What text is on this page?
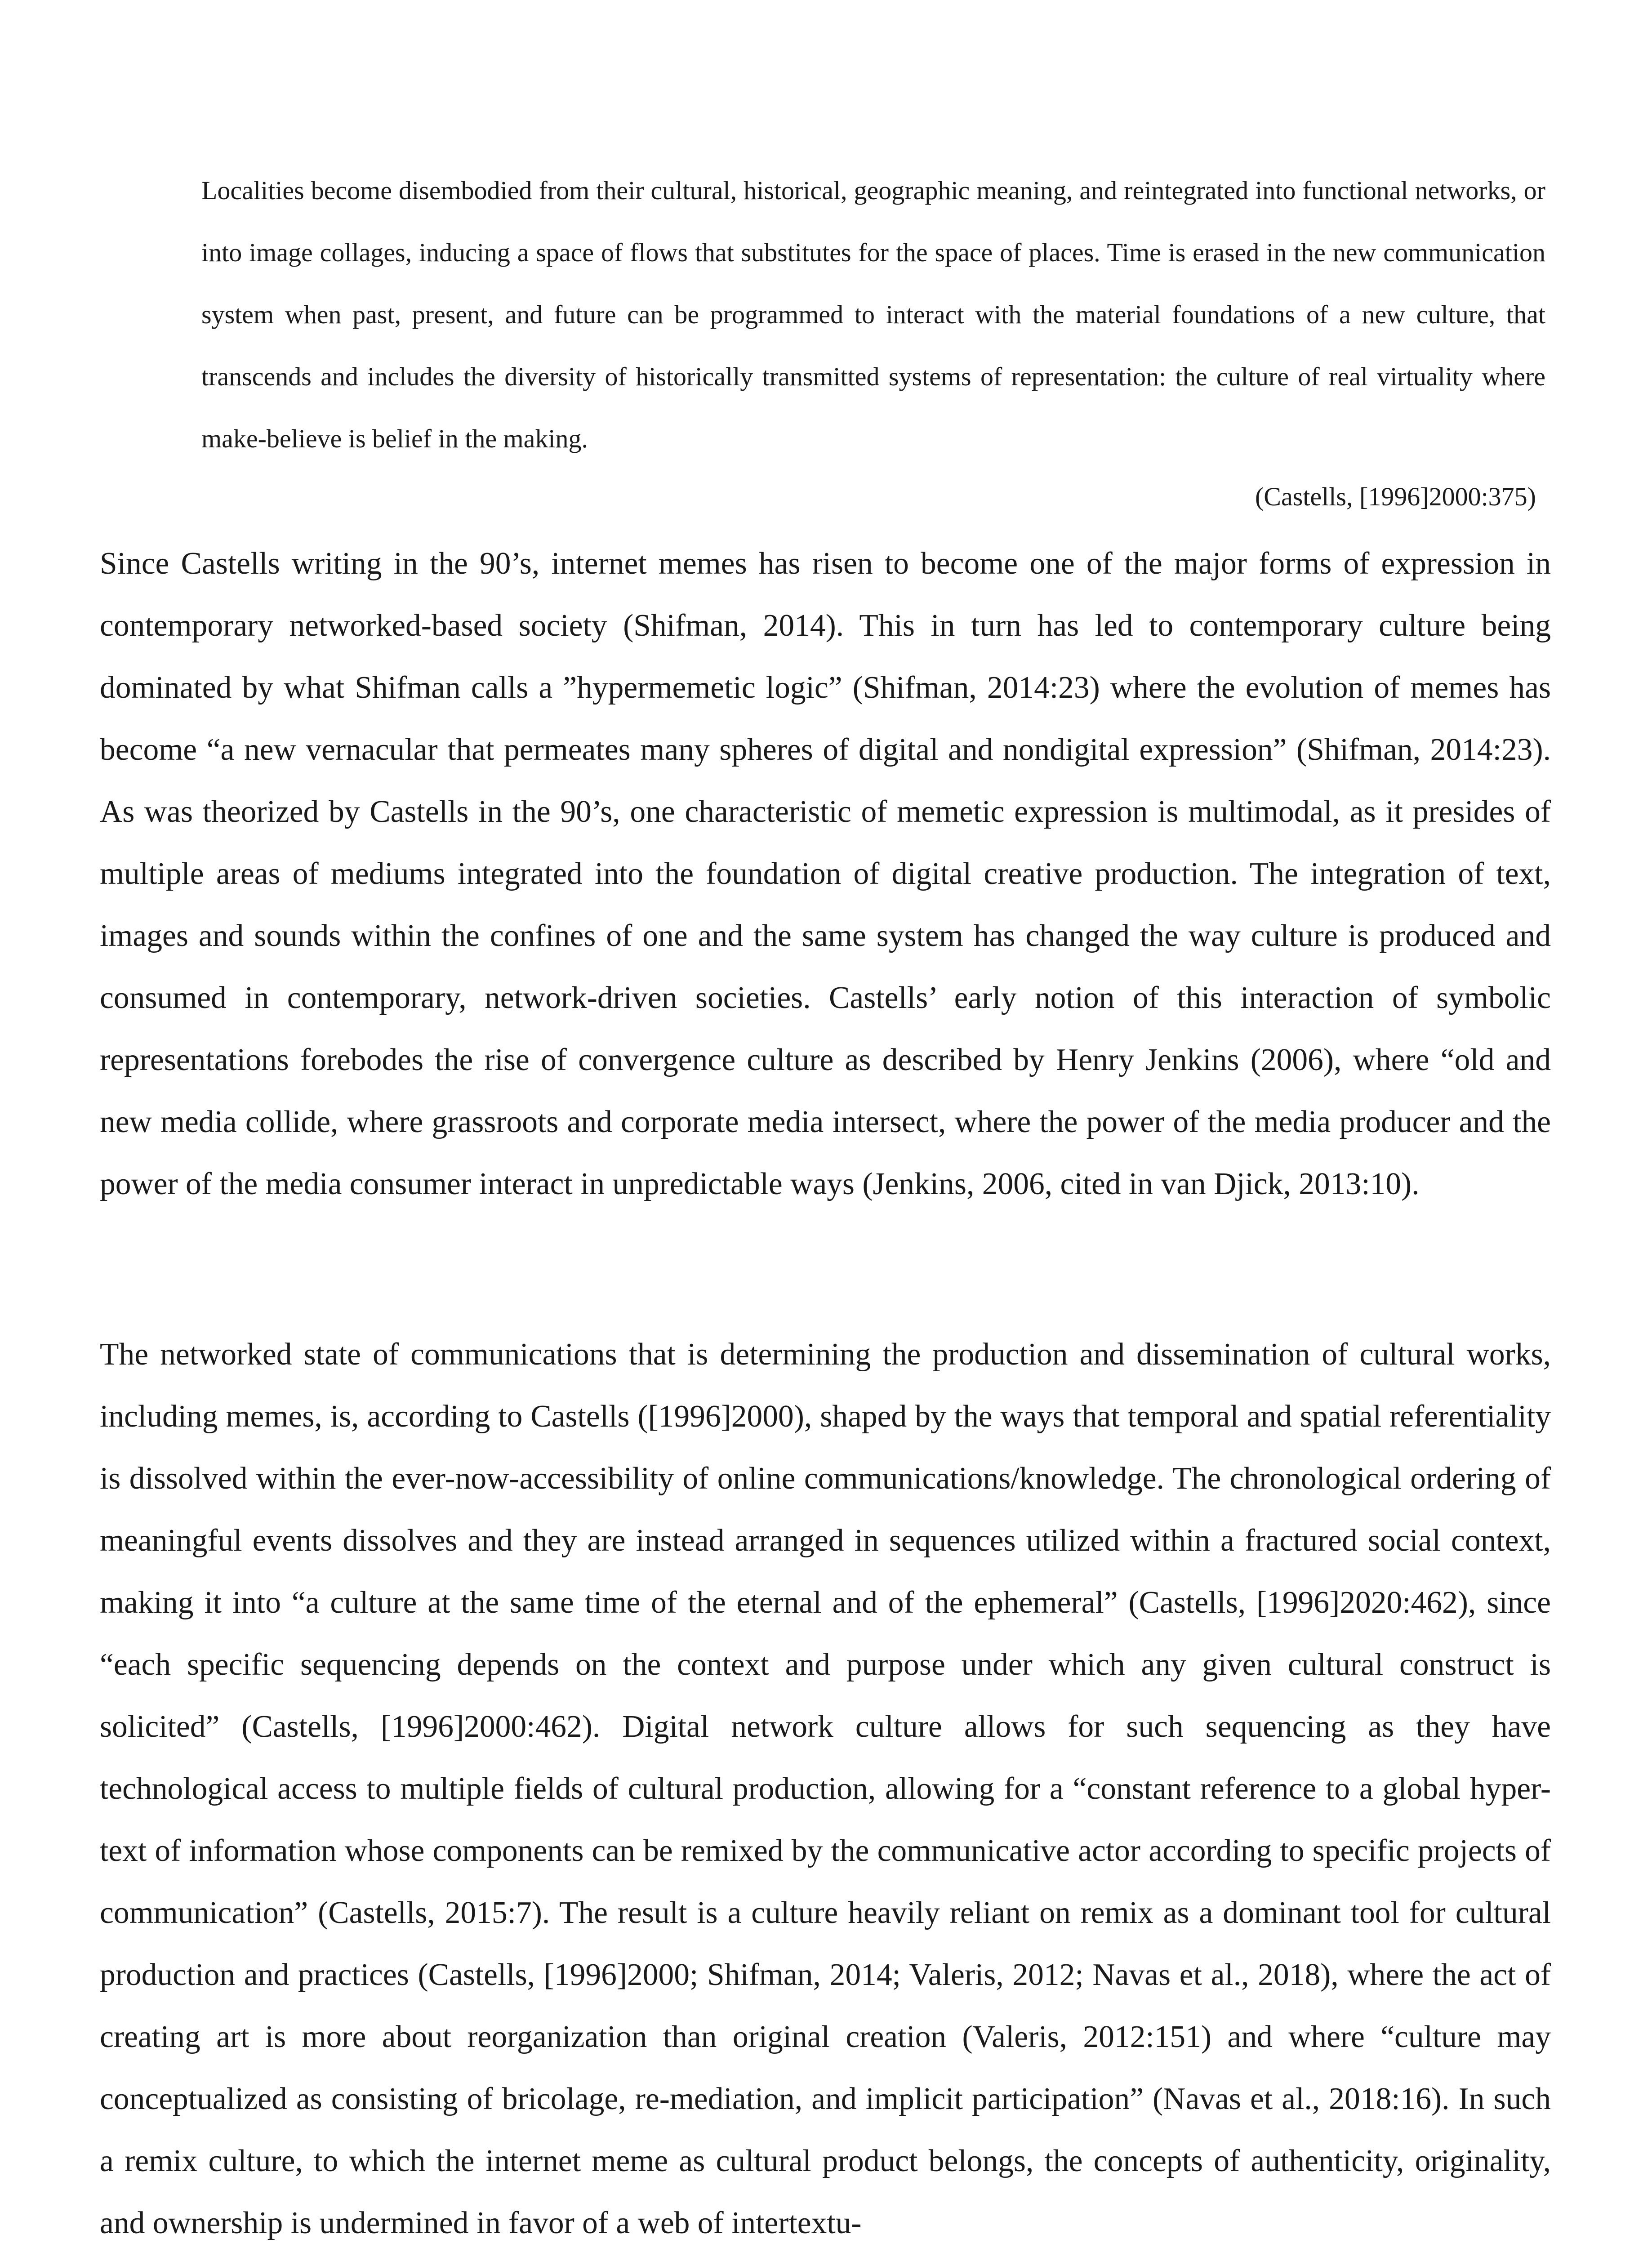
Localities become disembodied from their cultural, historical, geographic meaning, and reintegrated into functional networks, or into image collages, inducing a space of flows that substitutes for the space of places. Time is erased in the new communication system when past, present, and future can be programmed to interact with the material foundations of a new culture, that transcends and includes the diversity of historically transmitted systems of representation: the culture of real virtuality where make-believe is belief in the making.

(Castells, [1996]2000:375)

Since Castells writing in the 90’s, internet memes has risen to become one of the major forms of expression in contemporary networked-based society (Shifman, 2014). This in turn has led to contemporary culture being dominated by what Shifman calls a ”hypermemetic logic” (Shifman, 2014:23) where the evolution of memes has become “a new vernacular that permeates many spheres of digital and nondigital expression” (Shifman, 2014:23). As was theorized by Castells in the 90’s, one characteristic of memetic expression is multimodal, as it presides of multiple areas of mediums integrated into the foundation of digital creative production. The integration of text, images and sounds within the confines of one and the same system has changed the way culture is produced and consumed in contemporary, network-driven societies. Castells’ early notion of this interaction of symbolic representations forebodes the rise of convergence culture as described by Henry Jenkins (2006), where “old and new media collide, where grassroots and corporate media intersect, where the power of the media producer and the power of the media consumer interact in unpredictable ways (Jenkins, 2006, cited in van Djick, 2013:10).

The networked state of communications that is determining the production and dissemination of cultural works, including memes, is, according to Castells ([1996]2000), shaped by the ways that temporal and spatial referentiality is dissolved within the ever-now-accessibility of online communications/knowledge. The chronological ordering of meaningful events dissolves and they are instead arranged in sequences utilized within a fractured social context, making it into “a culture at the same time of the eternal and of the ephemeral” (Castells, [1996]2020:462), since “each specific sequencing depends on the context and purpose under which any given cultural construct is solicited” (Castells, [1996]2000:462). Digital network culture allows for such sequencing as they have technological access to multiple fields of cultural production, allowing for a “constant reference to a global hyper-text of information whose components can be remixed by the communicative actor according to specific projects of communication” (Castells, 2015:7). The result is a culture heavily reliant on remix as a dominant tool for cultural production and practices (Castells, [1996]2000; Shifman, 2014; Valeris, 2012; Navas et al., 2018), where the act of creating art is more about reorganization than original creation (Valeris, 2012:151) and where “culture may conceptualized as consisting of bricolage, re-mediation, and implicit participation” (Navas et al., 2018:16). In such a remix culture, to which the internet meme as cultural product belongs, the concepts of authenticity, originality, and ownership is undermined in favor of a web of intertextu-
